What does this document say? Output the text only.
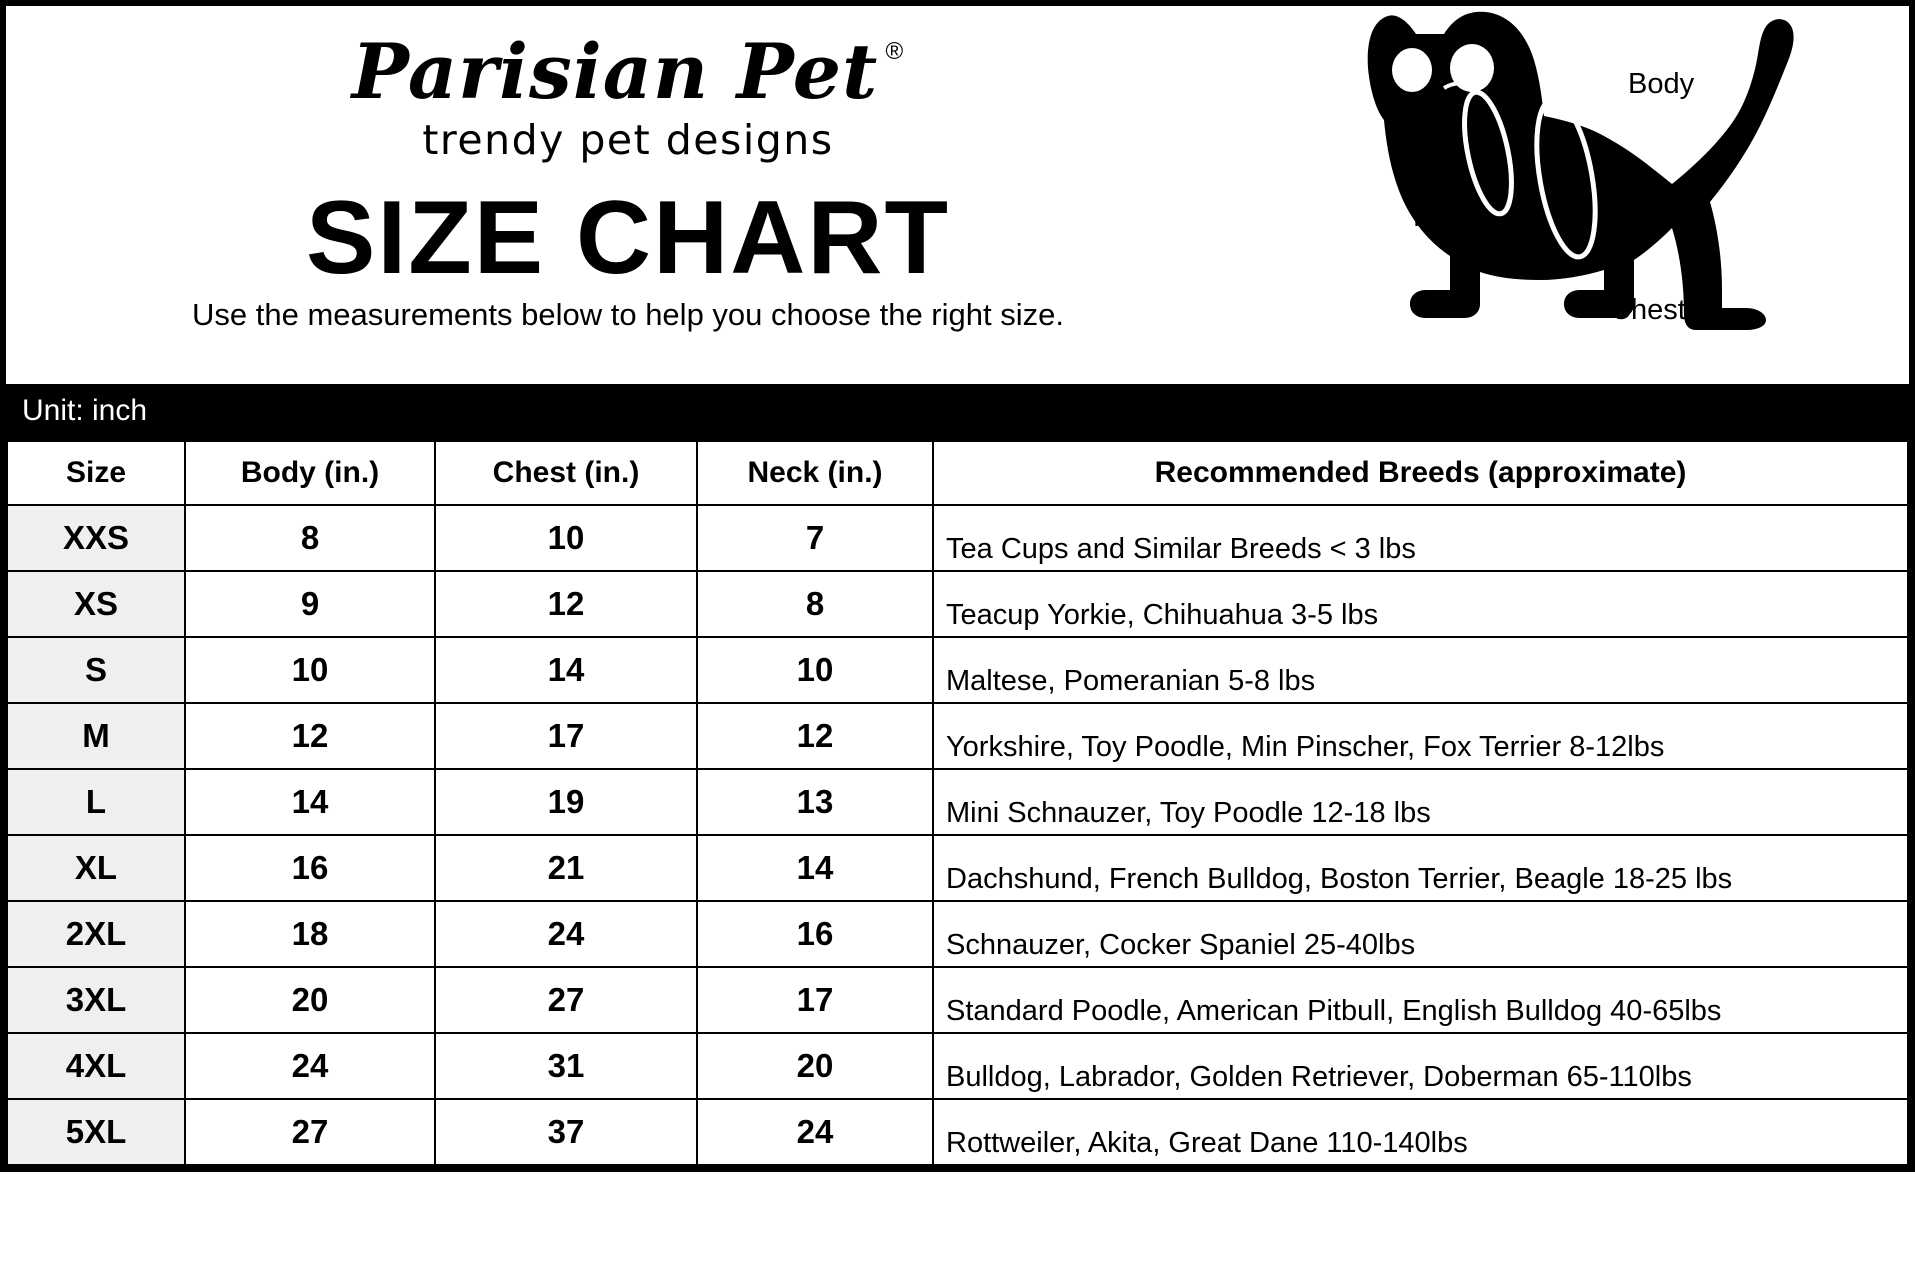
Parisian Pet ®
trendy pet designs
SIZE CHART
Use the measurements below to help you choose the right size.
Body
Neck
Chest
Unit: inch
Size	Body (in.)	Chest (in.)	Neck (in.)	Recommended Breeds (approximate)
XXS	8	10	7	Tea Cups and Similar Breeds < 3 lbs
XS	9	12	8	Teacup Yorkie, Chihuahua 3-5 lbs
S	10	14	10	Maltese, Pomeranian 5-8 lbs
M	12	17	12	Yorkshire, Toy Poodle, Min Pinscher, Fox Terrier 8-12lbs
L	14	19	13	Mini Schnauzer, Toy Poodle 12-18 lbs
XL	16	21	14	Dachshund, French Bulldog, Boston Terrier, Beagle 18-25 lbs
2XL	18	24	16	Schnauzer, Cocker Spaniel 25-40lbs
3XL	20	27	17	Standard Poodle, American Pitbull, English Bulldog 40-65lbs
4XL	24	31	20	Bulldog, Labrador, Golden Retriever, Doberman 65-110lbs
5XL	27	37	24	Rottweiler, Akita, Great Dane 110-140lbs
